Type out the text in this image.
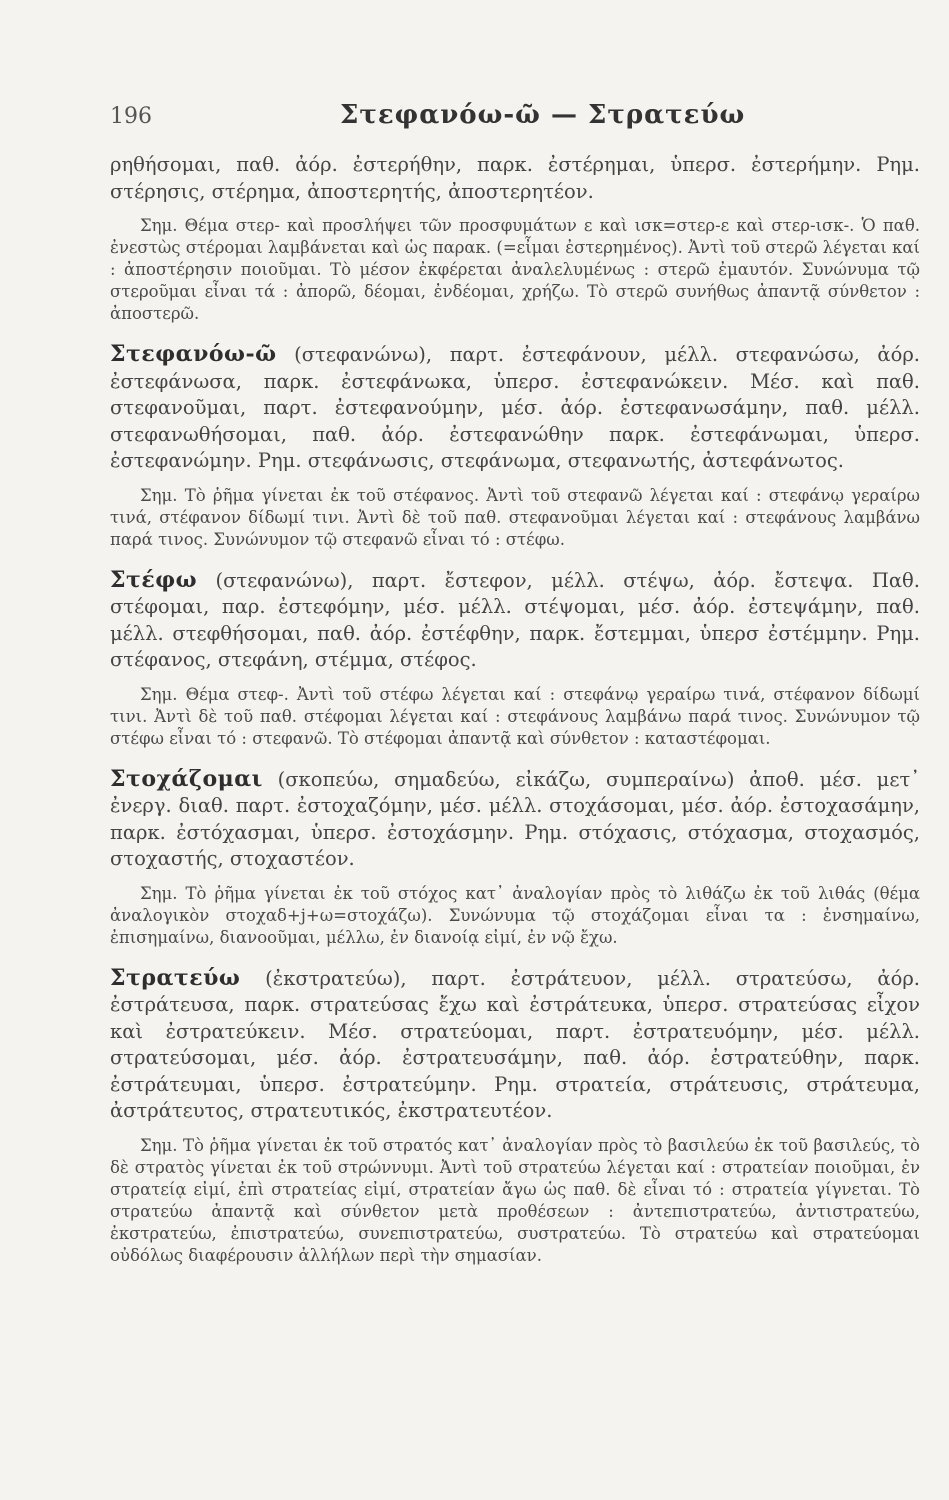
196	Στεφανόω-ῶ — Στρατεύω

ρηθήσομαι, παθ. ἀόρ. ἐστερήθην, παρκ. ἐστέρημαι, ὑπερσ. ἐστερήμην. Ρημ. στέρησις, στέρημα, ἀποστερητής, ἀποστερητέον.

Σημ. Θέμα στερ- καὶ προσλήψει τῶν προσφυμάτων ε καὶ ισκ=στερ-ε καὶ στερ-ισκ-. Ὁ παθ. ἐνεστὼς στέρομαι λαμβάνεται καὶ ὡς παρακ. (=εἶμαι ἐστερημένος). Ἀντὶ τοῦ στερῶ λέγεται καί : ἀποστέρησιν ποιοῦμαι. Τὸ μέσον ἐκφέρεται ἀναλελυμένως : στερῶ ἐμαυτόν. Συνώνυμα τῷ στεροῦμαι εἶναι τά : ἀπορῶ, δέομαι, ἐνδέομαι, χρήζω. Τὸ στερῶ συνήθως ἀπαντᾷ σύνθετον : ἀποστερῶ.

Στεφανόω-ῶ (στεφανώνω), παρτ. ἐστεφάνουν, μέλλ. στεφανώσω, ἀόρ. ἐστεφάνωσα, παρκ. ἐστεφάνωκα, ὑπερσ. ἐστεφανώκειν. Μέσ. καὶ παθ. στεφανοῦμαι, παρτ. ἐστεφανούμην, μέσ. ἀόρ. ἐστεφανωσάμην, παθ. μέλλ. στεφανωθήσομαι, παθ. ἀόρ. ἐστεφανώθην παρκ. ἐστεφάνωμαι, ὑπερσ. ἐστεφανώμην. Ρημ. στεφάνωσις, στεφάνωμα, στεφανωτής, ἀστεφάνωτος.

Σημ. Τὸ ῥῆμα γίνεται ἐκ τοῦ στέφανος. Ἀντὶ τοῦ στεφανῶ λέγεται καί : στεφάνῳ γεραίρω τινά, στέφανον δίδωμί τινι. Ἀντὶ δὲ τοῦ παθ. στεφανοῦμαι λέγεται καί : στεφάνους λαμβάνω παρά τινος. Συνώνυμον τῷ στεφανῶ εἶναι τό : στέφω.

Στέφω (στεφανώνω), παρτ. ἔστεφον, μέλλ. στέψω, ἀόρ. ἔστεψα. Παθ. στέφομαι, παρ. ἐστεφόμην, μέσ. μέλλ. στέψομαι, μέσ. ἀόρ. ἐστεψάμην, παθ. μέλλ. στεφθήσομαι, παθ. ἀόρ. ἐστέφθην, παρκ. ἔστεμμαι, ὑπερσ ἐστέμμην. Ρημ. στέφανος, στεφάνη, στέμμα, στέφος.

Σημ. Θέμα στεφ-. Ἀντὶ τοῦ στέφω λέγεται καί : στεφάνῳ γεραίρω τινά, στέφανον δίδωμί τινι. Ἀντὶ δὲ τοῦ παθ. στέφομαι λέγεται καί : στεφάνους λαμβάνω παρά τινος. Συνώνυμον τῷ στέφω εἶναι τό : στεφανῶ. Τὸ στέφομαι ἀπαντᾷ καὶ σύνθετον : καταστέφομαι.

Στοχάζομαι (σκοπεύω, σημαδεύω, εἰκάζω, συμπεραίνω) ἀποθ. μέσ. μετ᾽ ἐνεργ. διαθ. παρτ. ἐστοχαζόμην, μέσ. μέλλ. στοχάσομαι, μέσ. ἀόρ. ἐστοχασάμην, παρκ. ἐστόχασμαι, ὑπερσ. ἐστοχάσμην. Ρημ. στόχασις, στόχασμα, στοχασμός, στοχαστής, στοχαστέον.

Σημ. Τὸ ῥῆμα γίνεται ἐκ τοῦ στόχος κατ᾽ ἀναλογίαν πρὸς τὸ λιθάζω ἐκ τοῦ λιθάς (θέμα ἀναλογικὸν στοχαδ+j+ω=στοχάζω). Συνώνυμα τῷ στοχάζομαι εἶναι τα : ἐνσημαίνω, ἐπισημαίνω, διανοοῦμαι, μέλλω, ἐν διανοίᾳ εἰμί, ἐν νῷ ἔχω.

Στρατεύω (ἐκστρατεύω), παρτ. ἐστράτευον, μέλλ. στρατεύσω, ἀόρ. ἐστράτευσα, παρκ. στρατεύσας ἔχω καὶ ἐστράτευκα, ὑπερσ. στρατεύσας εἶχον καὶ ἐστρατεύκειν. Μέσ. στρατεύομαι, παρτ. ἐστρατευόμην, μέσ. μέλλ. στρατεύσομαι, μέσ. ἀόρ. ἐστρατευσάμην, παθ. ἀόρ. ἐστρατεύθην, παρκ. ἐστράτευμαι, ὑπερσ. ἐστρατεύμην. Ρημ. στρατεία, στράτευσις, στράτευμα, ἀστράτευτος, στρατευτικός, ἐκστρατευτέον.

Σημ. Τὸ ῥῆμα γίνεται ἐκ τοῦ στρατός κατ᾽ ἀναλογίαν πρὸς τὸ βασιλεύω ἐκ τοῦ βασιλεύς, τὸ δὲ στρατὸς γίνεται ἐκ τοῦ στρώννυμι. Ἀντὶ τοῦ στρατεύω λέγεται καί : στρατείαν ποιοῦμαι, ἐν στρατείᾳ εἰμί, ἐπὶ στρατείας εἰμί, στρατείαν ἄγω ὡς παθ. δὲ εἶναι τό : στρατεία γίγνεται. Τὸ στρατεύω ἀπαντᾷ καὶ σύνθετον μετὰ προθέσεων : ἀντεπιστρατεύω, ἀντιστρατεύω, ἐκστρατεύω, ἐπιστρατεύω, συνεπιστρατεύω, συστρατεύω. Τὸ στρατεύω καὶ στρατεύομαι οὐδόλως διαφέρουσιν ἀλλήλων περὶ τὴν σημασίαν.
